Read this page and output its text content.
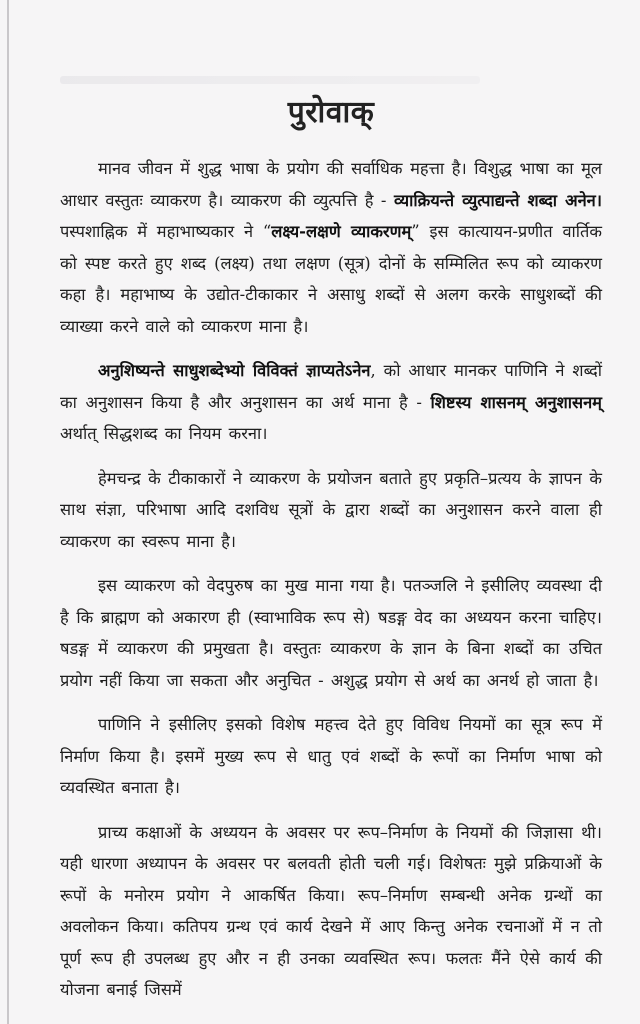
पुरोवाक्

मानव जीवन में शुद्ध भाषा के प्रयोग की सर्वाधिक महत्ता है। विशुद्ध भाषा का मूल आधार वस्तुतः व्याकरण है। व्याकरण की व्युत्पत्ति है - व्याक्रियन्ते व्युत्पाद्यन्ते शब्दा अनेन। पस्पशाह्निक में महाभाष्यकार ने “लक्ष्य-लक्षणे व्याकरणम्” इस कात्यायन-प्रणीत वार्तिक को स्पष्ट करते हुए शब्द (लक्ष्य) तथा लक्षण (सूत्र) दोनों के सम्मिलित रूप को व्याकरण कहा है। महाभाष्य के उद्योत-टीकाकार ने असाधु शब्दों से अलग करके साधुशब्दों की व्याख्या करने वाले को व्याकरण माना है।

अनुशिष्यन्ते साधुशब्देभ्यो विविक्तं ज्ञाप्यतेऽनेन, को आधार मानकर पाणिनि ने शब्दों का अनुशासन किया है और अनुशासन का अर्थ माना है - शिष्टस्य शासनम् अनुशासनम् अर्थात् सिद्धशब्द का नियम करना।

हेमचन्द्र के टीकाकारों ने व्याकरण के प्रयोजन बताते हुए प्रकृति–प्रत्यय के ज्ञापन के साथ संज्ञा, परिभाषा आदि दशविध सूत्रों के द्वारा शब्दों का अनुशासन करने वाला ही व्याकरण का स्वरूप माना है।

इस व्याकरण को वेदपुरुष का मुख माना गया है। पतञ्जलि ने इसीलिए व्यवस्था दी है कि ब्राह्मण को अकारण ही (स्वाभाविक रूप से) षडङ्ग वेद का अध्ययन करना चाहिए। षडङ्ग में व्याकरण की प्रमुखता है। वस्तुतः व्याकरण के ज्ञान के बिना शब्दों का उचित प्रयोग नहीं किया जा सकता और अनुचित - अशुद्ध प्रयोग से अर्थ का अनर्थ हो जाता है।

पाणिनि ने इसीलिए इसको विशेष महत्त्व देते हुए विविध नियमों का सूत्र रूप में निर्माण किया है। इसमें मुख्य रूप से धातु एवं शब्दों के रूपों का निर्माण भाषा को व्यवस्थित बनाता है।

प्राच्य कक्षाओं के अध्ययन के अवसर पर रूप–निर्माण के नियमों की जिज्ञासा थी। यही धारणा अध्यापन के अवसर पर बलवती होती चली गई। विशेषतः मुझे प्रक्रियाओं के रूपों के मनोरम प्रयोग ने आकर्षित किया। रूप–निर्माण सम्बन्धी अनेक ग्रन्थों का अवलोकन किया। कतिपय ग्रन्थ एवं कार्य देखने में आए किन्तु अनेक रचनाओं में न तो पूर्ण रूप ही उपलब्ध हुए और न ही उनका व्यवस्थित रूप। फलतः मैंने ऐसे कार्य की योजना बनाई जिसमें
